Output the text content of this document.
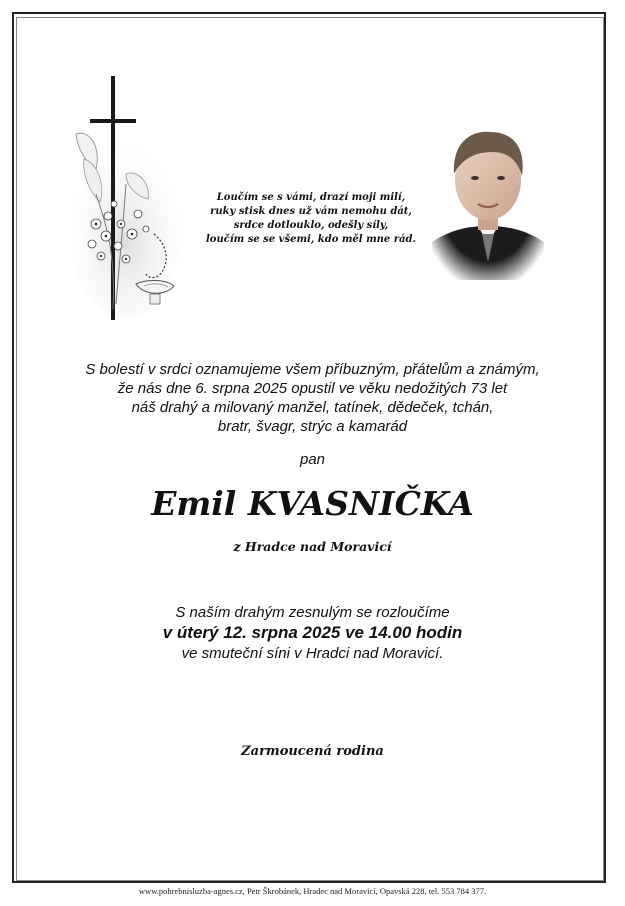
Loučím se s vámi, drazí moji milí,
ruky stisk dnes už vám nemohu dát,
srdce dotlouklo, odešly síly,
loučím se se všemi, kdo měl mne rád.
S bolestí v srdci oznamujeme všem příbuzným, přátelům a známým,
že nás dne 6. srpna 2025 opustil ve věku nedožitých 73 let
náš drahý a milovaný manžel, tatínek, dědeček, tchán,
bratr, švagr, strýc a kamarád
pan
Emil KVASNIČKA
z Hradce nad Moravicí
S naším drahým zesnulým se rozloučíme
v úterý 12. srpna 2025 ve 14.00 hodin
ve smuteční síni v Hradci nad Moravicí.
Zarmoucená rodina
www.pohrebnisluzba-agnes.cz, Petr Škrobánek, Hradec nad Moravicí, Opavská 228, tel. 553 784 377.
